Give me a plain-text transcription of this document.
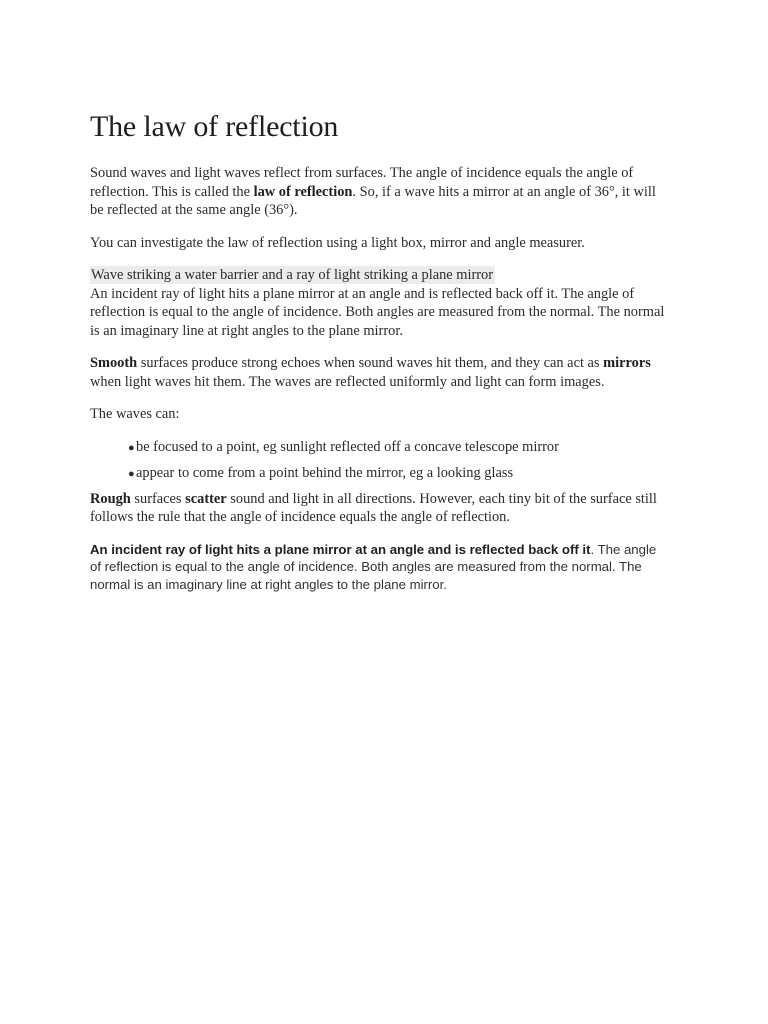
The law of reflection

Sound waves and light waves reflect from surfaces. The angle of incidence equals the angle of reflection. This is called the law of reflection. So, if a wave hits a mirror at an angle of 36°, it will be reflected at the same angle (36°).

You can investigate the law of reflection using a light box, mirror and angle measurer.

Wave striking a water barrier and a ray of light striking a plane mirror

An incident ray of light hits a plane mirror at an angle and is reflected back off it. The angle of reflection is equal to the angle of incidence. Both angles are measured from the normal. The normal is an imaginary line at right angles to the plane mirror.

Smooth surfaces produce strong echoes when sound waves hit them, and they can act as mirrors when light waves hit them. The waves are reflected uniformly and light can form images.

The waves can:

●be focused to a point, eg sunlight reflected off a concave telescope mirror
●appear to come from a point behind the mirror, eg a looking glass

Rough surfaces scatter sound and light in all directions. However, each tiny bit of the surface still follows the rule that the angle of incidence equals the angle of reflection.

An incident ray of light hits a plane mirror at an angle and is reflected back off it. The angle of reflection is equal to the angle of incidence. Both angles are measured from the normal. The normal is an imaginary line at right angles to the plane mirror.
